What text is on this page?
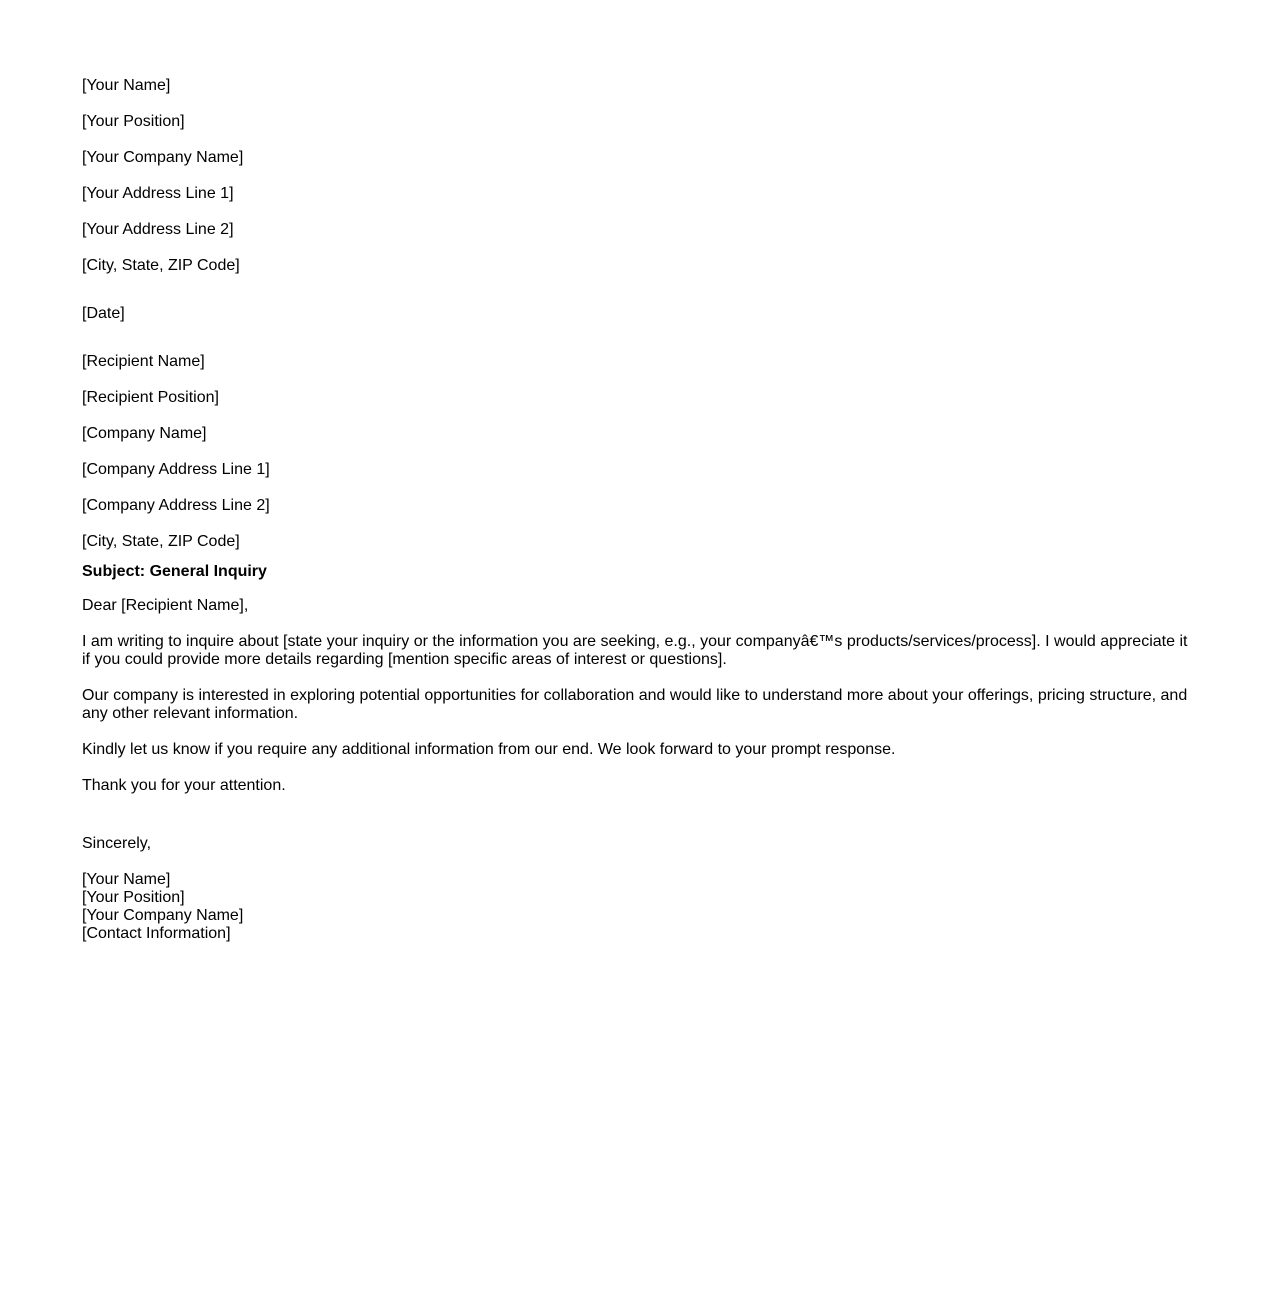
[Your Name]

[Your Position]

[Your Company Name]

[Your Address Line 1]

[Your Address Line 2]

[City, State, ZIP Code]

[Date]

[Recipient Name]

[Recipient Position]

[Company Name]

[Company Address Line 1]

[Company Address Line 2]

[City, State, ZIP Code]

Subject: General Inquiry

Dear [Recipient Name],

I am writing to inquire about [state your inquiry or the information you are seeking, e.g., your companyâ€™s products/services/process]. I would appreciate it if you could provide more details regarding [mention specific areas of interest or questions].

Our company is interested in exploring potential opportunities for collaboration and would like to understand more about your offerings, pricing structure, and any other relevant information.

Kindly let us know if you require any additional information from our end. We look forward to your prompt response.

Thank you for your attention.

Sincerely,

[Your Name]
[Your Position]
[Your Company Name]
[Contact Information]
